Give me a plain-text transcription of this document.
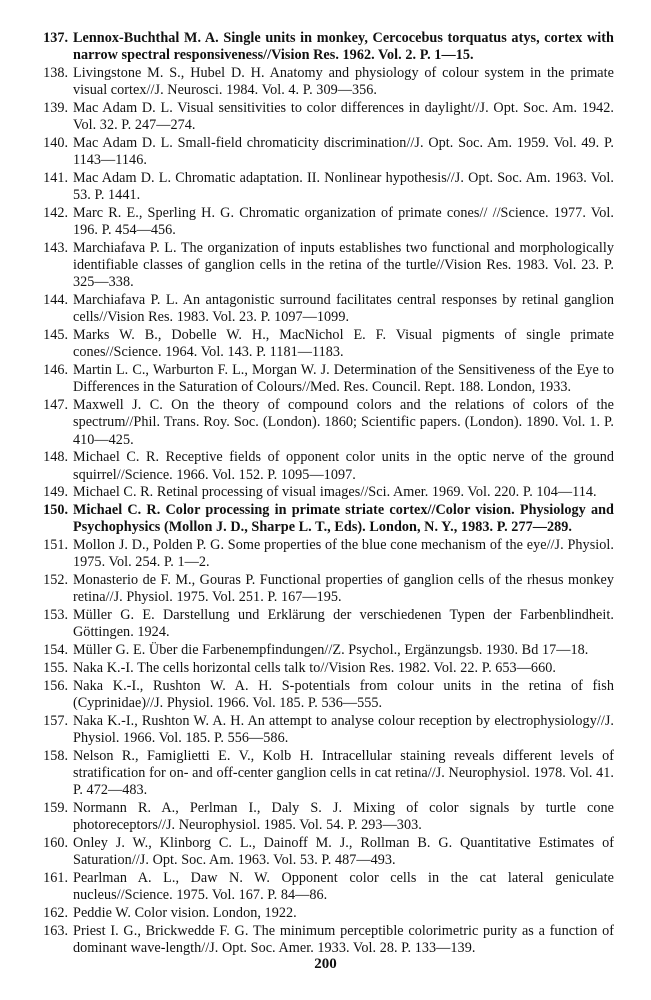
137. Lennox-Buchthal M. A. Single units in monkey, Cercocebus torquatus atys, cortex with narrow spectral responsiveness//Vision Res. 1962. Vol. 2. P. 1—15.
138. Livingstone M. S., Hubel D. H. Anatomy and physiology of colour system in the primate visual cortex//J. Neurosci. 1984. Vol. 4. P. 309—356.
139. Mac Adam D. L. Visual sensitivities to color differences in daylight//J. Opt. Soc. Am. 1942. Vol. 32. P. 247—274.
140. Mac Adam D. L. Small-field chromaticity discrimination//J. Opt. Soc. Am. 1959. Vol. 49. P. 1143—1146.
141. Mac Adam D. L. Chromatic adaptation. II. Nonlinear hypothesis//J. Opt. Soc. Am. 1963. Vol. 53. P. 1441.
142. Marc R. E., Sperling H. G. Chromatic organization of primate cones// //Science. 1977. Vol. 196. P. 454—456.
143. Marchiafava P. L. The organization of inputs establishes two functional and morphologically identifiable classes of ganglion cells in the retina of the turtle//Vision Res. 1983. Vol. 23. P. 325—338.
144. Marchiafava P. L. An antagonistic surround facilitates central responses by retinal ganglion cells//Vision Res. 1983. Vol. 23. P. 1097—1099.
145. Marks W. B., Dobelle W. H., MacNichol E. F. Visual pigments of single primate cones//Science. 1964. Vol. 143. P. 1181—1183.
146. Martin L. C., Warburton F. L., Morgan W. J. Determination of the Sensitiveness of the Eye to Differences in the Saturation of Colours//Med. Res. Council. Rept. 188. London, 1933.
147. Maxwell J. C. On the theory of compound colors and the relations of colors of the spectrum//Phil. Trans. Roy. Soc. (London). 1860; Scientific papers. (London). 1890. Vol. 1. P. 410—425.
148. Michael C. R. Receptive fields of opponent color units in the optic nerve of the ground squirrel//Science. 1966. Vol. 152. P. 1095—1097.
149. Michael C. R. Retinal processing of visual images//Sci. Amer. 1969. Vol. 220. P. 104—114.
150. Michael C. R. Color processing in primate striate cortex//Color vision. Physiology and Psychophysics (Mollon J. D., Sharpe L. T., Eds). London, N. Y., 1983. P. 277—289.
151. Mollon J. D., Polden P. G. Some properties of the blue cone mechanism of the eye//J. Physiol. 1975. Vol. 254. P. 1—2.
152. Monasterio de F. M., Gouras P. Functional properties of ganglion cells of the rhesus monkey retina//J. Physiol. 1975. Vol. 251. P. 167—195.
153. Müller G. E. Darstellung und Erklärung der verschiedenen Typen der Farbenblindheit. Göttingen. 1924.
154. Müller G. E. Über die Farbenempfindungen//Z. Psychol., Ergänzungsb. 1930. Bd 17—18.
155. Naka K.-I. The cells horizontal cells talk to//Vision Res. 1982. Vol. 22. P. 653—660.
156. Naka K.-I., Rushton W. A. H. S-potentials from colour units in the retina of fish (Cyprinidae)//J. Physiol. 1966. Vol. 185. P. 536—555.
157. Naka K.-I., Rushton W. A. H. An attempt to analyse colour reception by electrophysiology//J. Physiol. 1966. Vol. 185. P. 556—586.
158. Nelson R., Famiglietti E. V., Kolb H. Intracellular staining reveals different levels of stratification for on- and off-center ganglion cells in cat retina//J. Neurophysiol. 1978. Vol. 41. P. 472—483.
159. Normann R. A., Perlman I., Daly S. J. Mixing of color signals by turtle cone photoreceptors//J. Neurophysiol. 1985. Vol. 54. P. 293—303.
160. Onley J. W., Klinborg C. L., Dainoff M. J., Rollman B. G. Quantitative Estimates of Saturation//J. Opt. Soc. Am. 1963. Vol. 53. P. 487—493.
161. Pearlman A. L., Daw N. W. Opponent color cells in the cat lateral geniculate nucleus//Science. 1975. Vol. 167. P. 84—86.
162. Peddie W. Color vision. London, 1922.
163. Priest I. G., Brickwedde F. G. The minimum perceptible colorimetric purity as a function of dominant wave-length//J. Opt. Soc. Amer. 1933. Vol. 28. P. 133—139.
200
